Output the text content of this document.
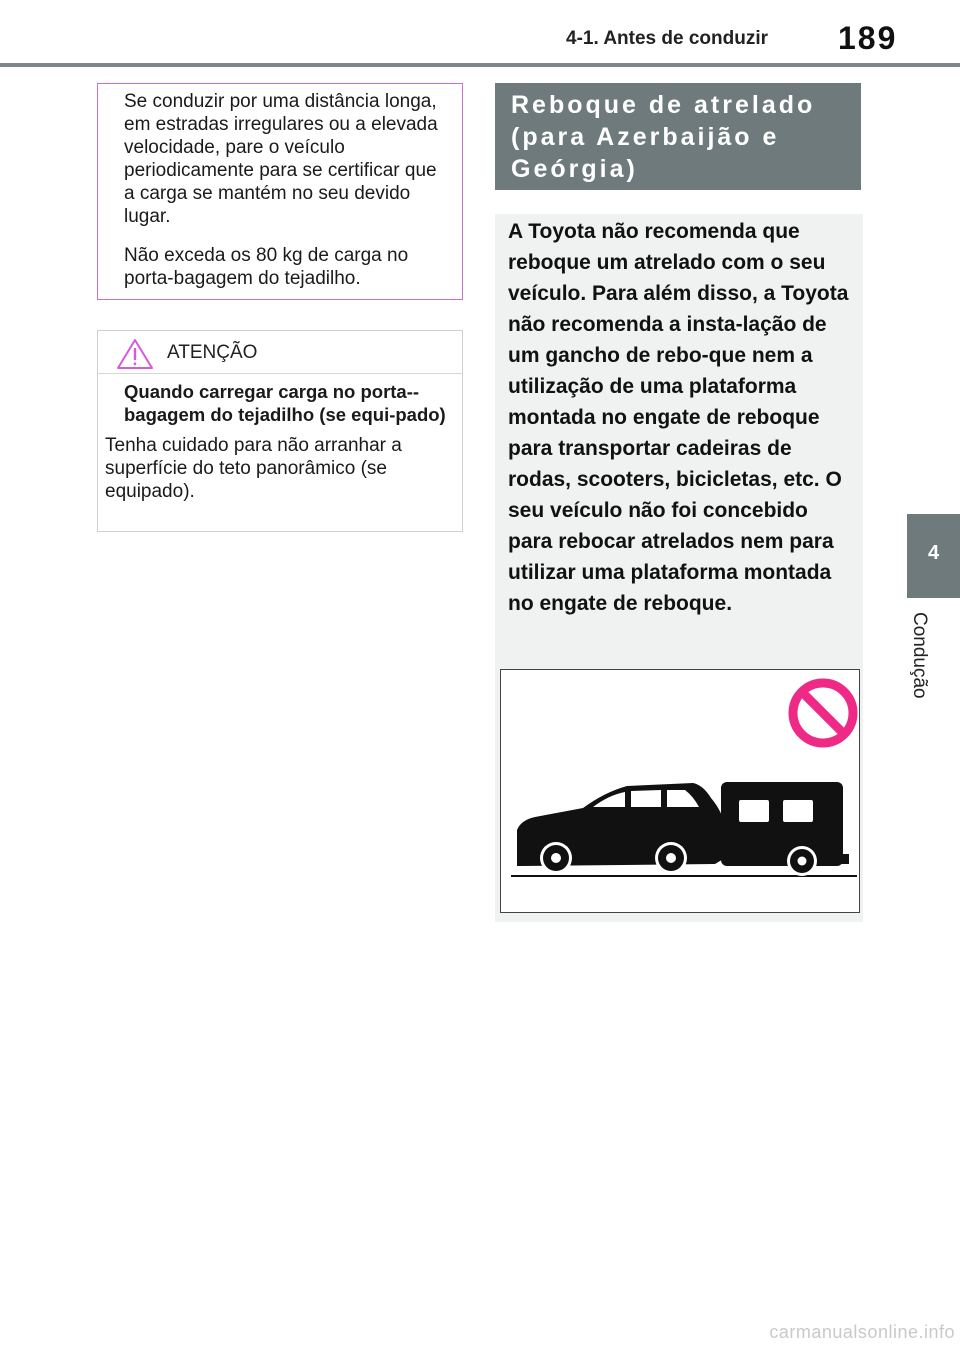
4-1. Antes de conduzir	189
4
Condução

Se conduzir por uma distância longa, em estradas irregulares ou a elevada velocidade, pare o veículo periodicamente para se certificar que a carga se mantém no seu devido lugar.

Não exceda os 80 kg de carga no porta-bagagem do tejadilho.

ATENÇÃO
Quando carregar carga no porta--bagagem do tejadilho (se equi-pado)
Tenha cuidado para não arranhar a superfície do teto panorâmico (se equipado).
Reboque de atrelado (para Azerbaijão e Geórgia)
A Toyota não recomenda que reboque um atrelado com o seu veículo. Para além disso, a Toyota não recomenda a insta-lação de um gancho de rebo-que nem a utilização de uma plataforma montada no engate de reboque para transportar cadeiras de rodas, scooters, bicicletas, etc. O seu veículo não foi concebido para rebocar atrelados nem para utilizar uma plataforma montada no engate de reboque.
carmanualsonline.info
